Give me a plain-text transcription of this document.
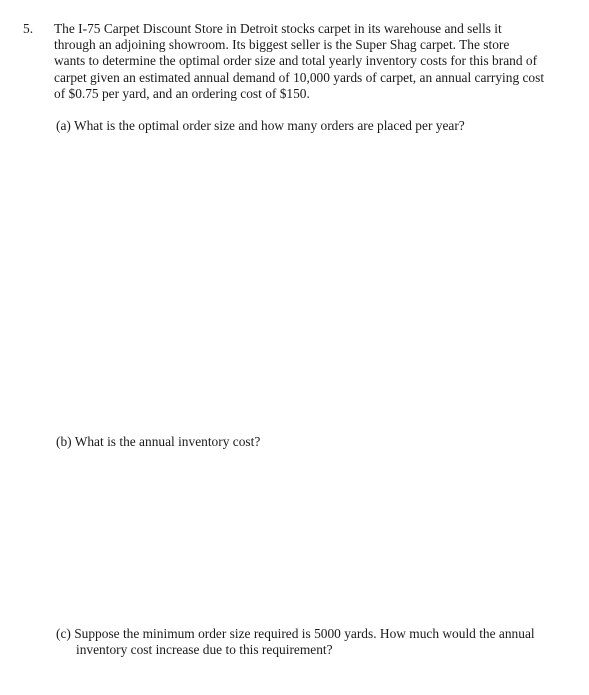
5. The I-75 Carpet Discount Store in Detroit stocks carpet in its warehouse and sells it
through an adjoining showroom. Its biggest seller is the Super Shag carpet. The store
wants to determine the optimal order size and total yearly inventory costs for this brand of
carpet given an estimated annual demand of 10,000 yards of carpet, an annual carrying cost
of $0.75 per yard, and an ordering cost of $150.
(a) What is the optimal order size and how many orders are placed per year?
(b) What is the annual inventory cost?
(c) Suppose the minimum order size required is 5000 yards. How much would the annual
inventory cost increase due to this requirement?
